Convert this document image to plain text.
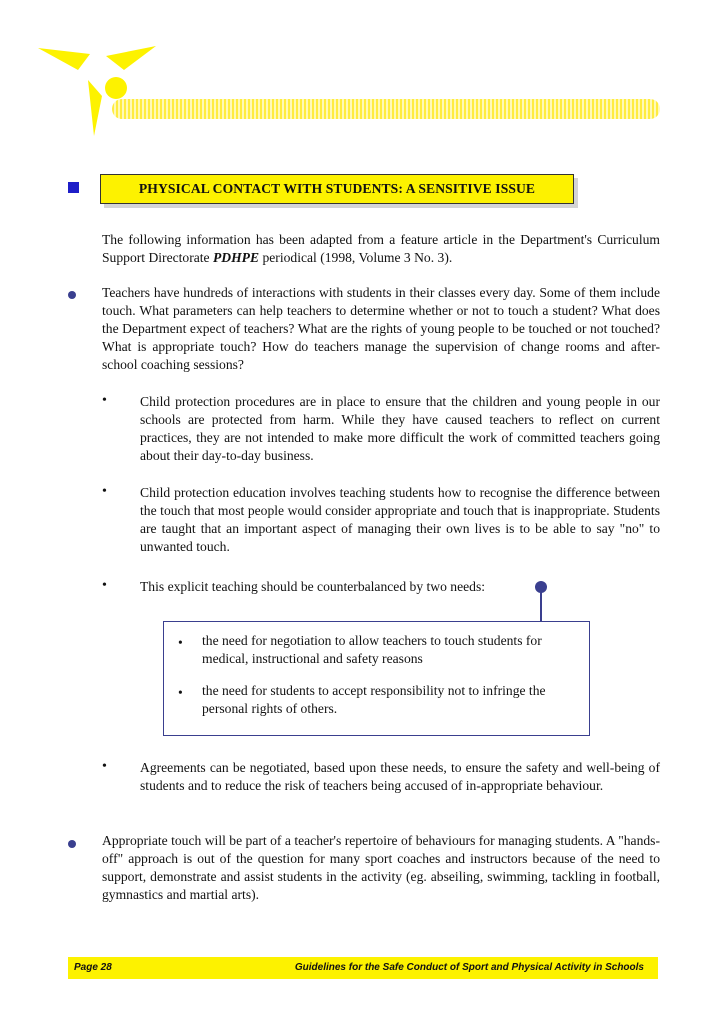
PHYSICAL CONTACT WITH STUDENTS: A SENSITIVE ISSUE

The following information has been adapted from a feature article in the Department's Curriculum Support Directorate PDHPE periodical (1998, Volume 3 No. 3).

Teachers have hundreds of interactions with students in their classes every day. Some of them include touch. What parameters can help teachers to determine whether or not to touch a student? What does the Department expect of teachers? What are the rights of young people to be touched or not touched? What is appropriate touch? How do teachers manage the supervision of change rooms and after-school coaching sessions?

•	Child protection procedures are in place to ensure that the children and young people in our schools are protected from harm. While they have caused teachers to reflect on current practices, they are not intended to make more difficult the work of committed teachers going about their day-to-day business.

•	Child protection education involves teaching students how to recognise the difference between the touch that most people would consider appropriate and touch that is inappropriate. Students are taught that an important aspect of managing their own lives is to be able to say "no" to unwanted touch.

•	This explicit teaching should be counterbalanced by two needs:

• the need for negotiation to allow teachers to touch students for medical, instructional and safety reasons

• the need for students to accept responsibility not to infringe the personal rights of others.

•	Agreements can be negotiated, based upon these needs, to ensure the safety and well-being of students and to reduce the risk of teachers being accused of in-appropriate behaviour.

Appropriate touch will be part of a teacher's repertoire of behaviours for managing students. A "hands-off" approach is out of the question for many sport coaches and instructors because of the need to support, demonstrate and assist students in the activity (eg. abseiling, swimming, tackling in football, gymnastics and martial arts).

Page 28	Guidelines for the Safe Conduct of Sport and Physical Activity in Schools
